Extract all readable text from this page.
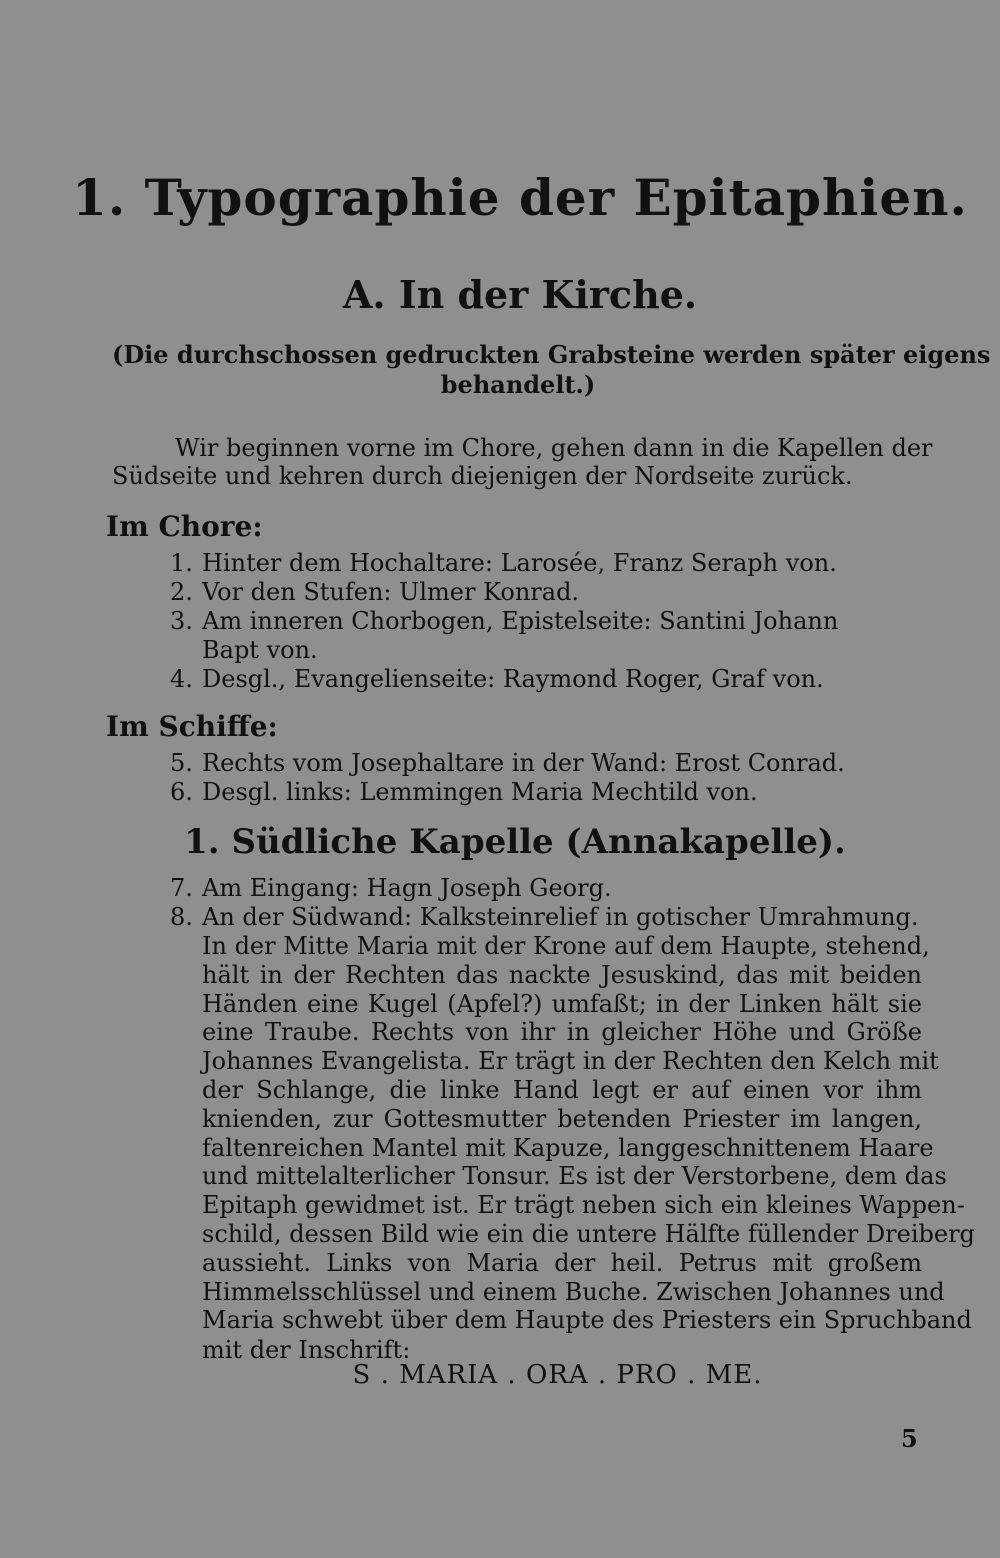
1. Typographie der Epitaphien.
A. In der Kirche.
(Die durchschossen gedruckten Grabsteine werden später eigens
behandelt.)
Wir beginnen vorne im Chore, gehen dann in die Kapellen der
Südseite und kehren durch diejenigen der Nordseite zurück.
Im Chore:
1. Hinter dem Hochaltare: Larosée, Franz Seraph von.
2. Vor den Stufen: Ulmer Konrad.
3. Am inneren Chorbogen, Epistelseite: Santini Johann
Bapt von.
4. Desgl., Evangelienseite: Raymond Roger, Graf von.
Im Schiffe:
5. Rechts vom Josephaltare in der Wand: Erost Conrad.
6. Desgl. links: Lemmingen Maria Mechtild von.
1. Südliche Kapelle (Annakapelle).
7. Am Eingang: Hagn Joseph Georg.
8. An der Südwand: Kalksteinrelief in gotischer Umrahmung.
In der Mitte Maria mit der Krone auf dem Haupte, stehend,
hält in der Rechten das nackte Jesuskind, das mit beiden
Händen eine Kugel (Apfel?) umfaßt; in der Linken hält sie
eine Traube. Rechts von ihr in gleicher Höhe und Größe
Johannes Evangelista. Er trägt in der Rechten den Kelch mit
der Schlange, die linke Hand legt er auf einen vor ihm
knienden, zur Gottesmutter betenden Priester im langen,
faltenreichen Mantel mit Kapuze, langgeschnittenem Haare
und mittelalterlicher Tonsur. Es ist der Verstorbene, dem das
Epitaph gewidmet ist. Er trägt neben sich ein kleines Wappen-
schild, dessen Bild wie ein die untere Hälfte füllender Dreiberg
aussieht. Links von Maria der heil. Petrus mit großem
Himmelsschlüssel und einem Buche. Zwischen Johannes und
Maria schwebt über dem Haupte des Priesters ein Spruchband
mit der Inschrift:
S . MARIA . ORA . PRO . ME.
5
